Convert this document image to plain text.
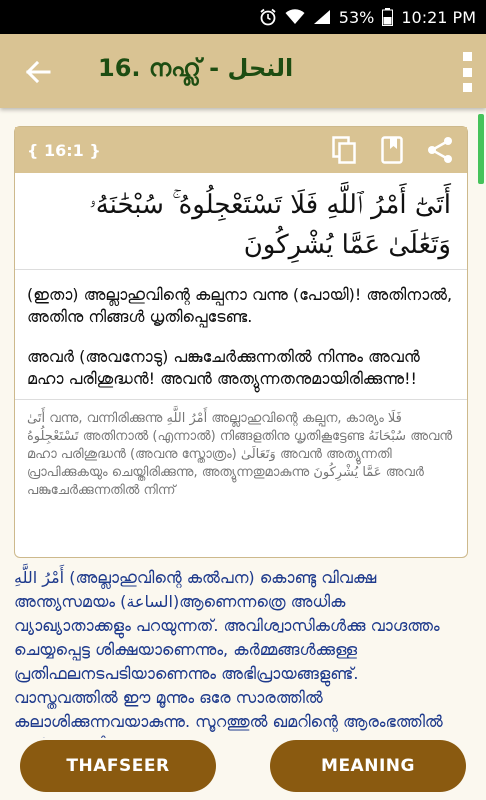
53% 10:21 PM
16. നഹ്ല് - النحل
{ 16:1 }
أَتَىٰٓ أَمْرُ ٱللَّهِ فَلَا تَسْتَعْجِلُوهُ ۚ سُبْحَٰنَهُۥ وَتَعَٰلَىٰ عَمَّا يُشْرِكُونَ

(ഇതാ) അല്ലാഹുവിന്റെ കല്പനാ വന്നു (പോയി)! അതിനാൽ, അതിനു നിങ്ങൾ ധൃതിപ്പെടേണ്ട.

അവർ (അവനോടു) പങ്കുചേർക്കുന്നതിൽ നിന്നും അവൻ മഹാ പരിശുദ്ധൻ! അവൻ അത്യുന്നതനുമായിരിക്കുന്നു!!

أَتَىٰ വന്നു, വന്നിരിക്കുന്നു أَمْرُ اللَّهِ അല്ലാഹുവിന്റെ കല്പന, കാര്യം فَلَا تَسْتَعْجِلُوهُ അതിനാൽ (എന്നാൽ) നിങ്ങളതിനു ധൃതികൂട്ടേണ്ട سُبْحَانَهُ അവൻ മഹാ പരിശുദ്ധൻ (അവനു സ്തോത്രം) وَتَعَالَىٰ അവൻ അത്യുന്നതി പ്രാപിക്കുകയും ചെയ്തിരിക്കുന്നു, അത്യുന്നതുമാകുന്നു عَمَّا يُشْرِكُونَ അവർ പങ്കുചേർക്കുന്നതിൽ നിന്ന്
أَمْرُ اللَّهِ (അല്ലാഹുവിന്റെ കൽപന) കൊണ്ടു വിവക്ഷ അന്ത്യസമയം (الساعة)ആണെന്നത്രെ അധിക വ്യാഖ്യാതാക്കളും പറയുന്നത്. അവിശ്വാസികൾക്കു വാഗ്ദത്തം ചെയ്യപ്പെട്ട ശിക്ഷയാണെന്നും, കർമ്മങ്ങൾക്കുള്ള പ്രതിഫലനടപടിയാണെന്നും അഭിപ്രായങ്ങളുണ്ട്. വാസ്തവത്തിൽ ഈ മൂന്നും ഒരേ സാരത്തിൽ കലാശിക്കുന്നവയാകുന്നു. സൂറത്തുൽ ഖമറിന്റെ ആരംഭത്തിൽ
THAFSEER	MEANING
